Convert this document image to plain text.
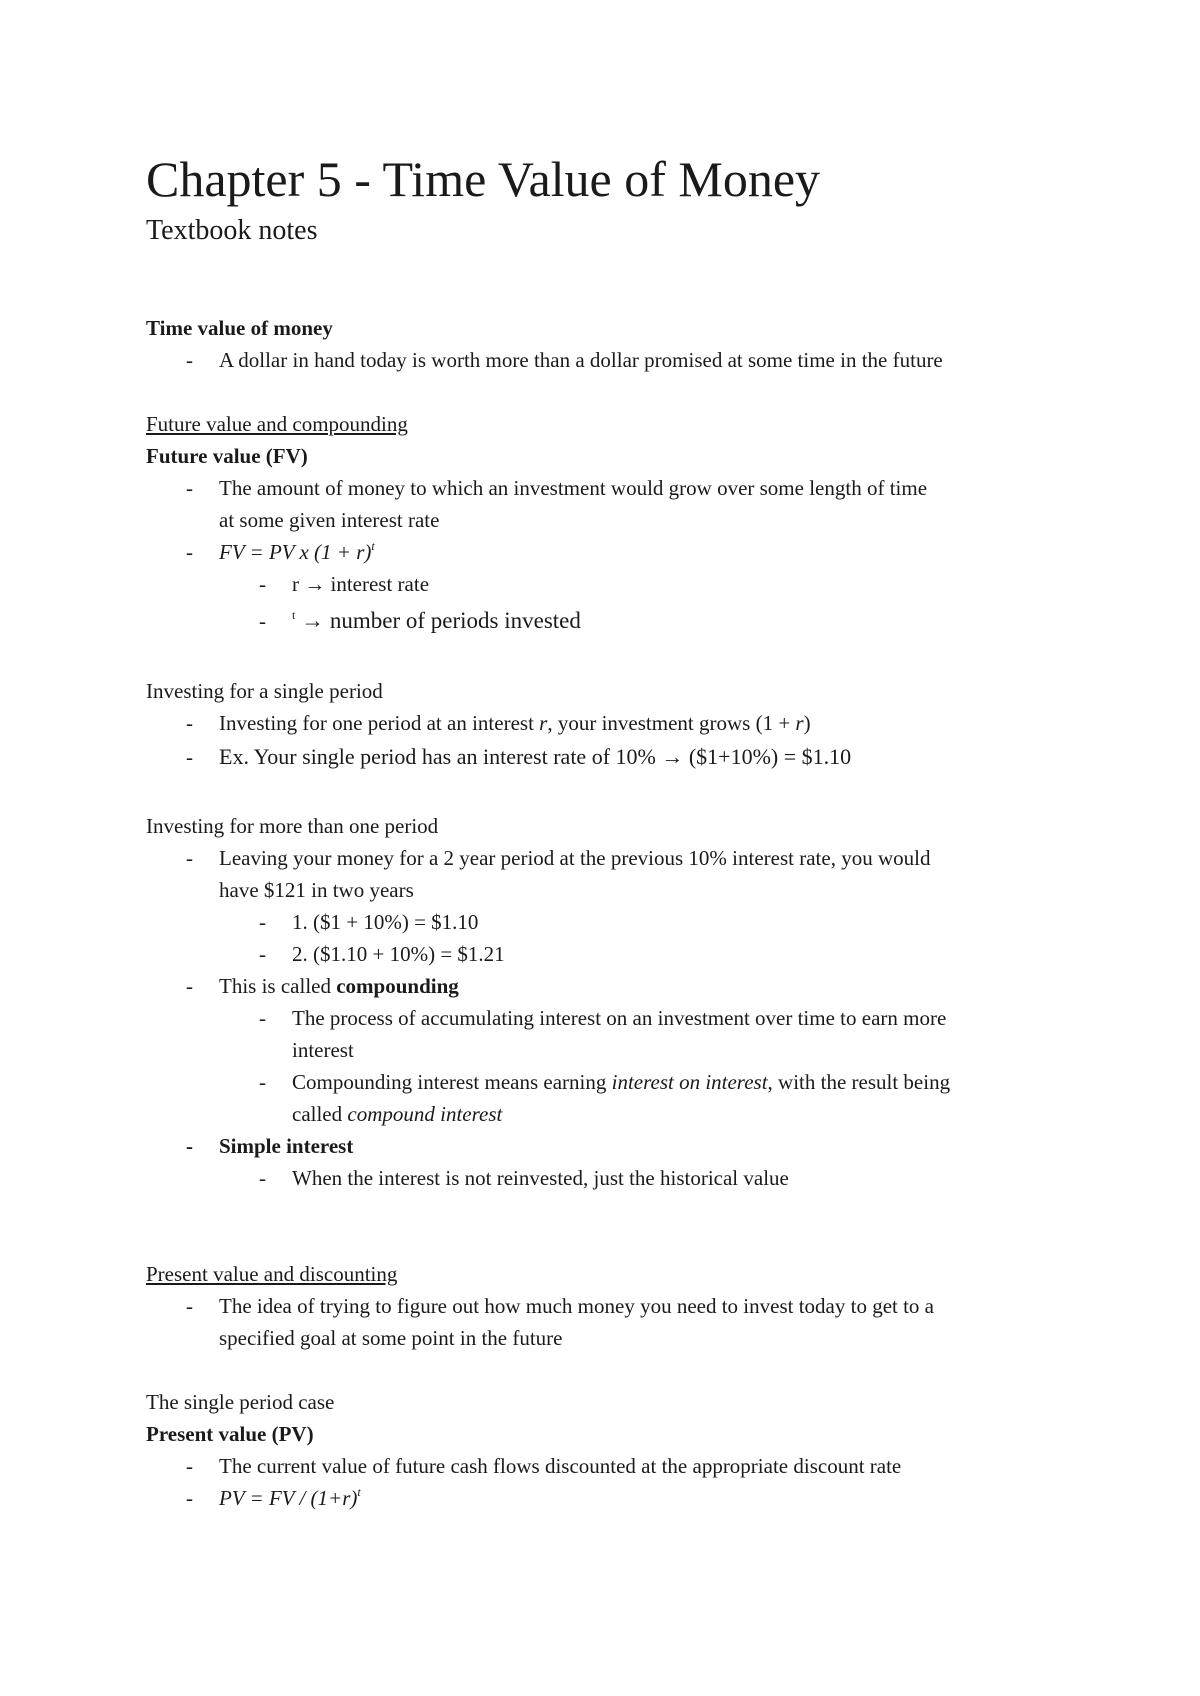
Chapter 5 - Time Value of Money
Textbook notes
Time value of money
- A dollar in hand today is worth more than a dollar promised at some time in the future
Future value and compounding
Future value (FV)
- The amount of money to which an investment would grow over some length of time
at some given interest rate
- FV = PV x $(1 + r)^t$
- r → interest rate
- $^t$ → number of periods invested
Investing for a single period
- Investing for one period at an interest r, your investment grows (1 + r)
- Ex. Your single period has an interest rate of 10% → ($1+10%) = $1.10
Investing for more than one period
- Leaving your money for a 2 year period at the previous 10% interest rate, you would
have $121 in two years
- 1. ($1 + 10%) = $1.10
- 2. ($1.10 + 10%) = $1.21
- This is called compounding
- The process of accumulating interest on an investment over time to earn more
interest
- Compounding interest means earning interest on interest, with the result being
called compound interest
- Simple interest
- When the interest is not reinvested, just the historical value
Present value and discounting
- The idea of trying to figure out how much money you need to invest today to get to a
specified goal at some point in the future
The single period case
Present value (PV)
- The current value of future cash flows discounted at the appropriate discount rate
- PV = FV / $(1+r)^t$
